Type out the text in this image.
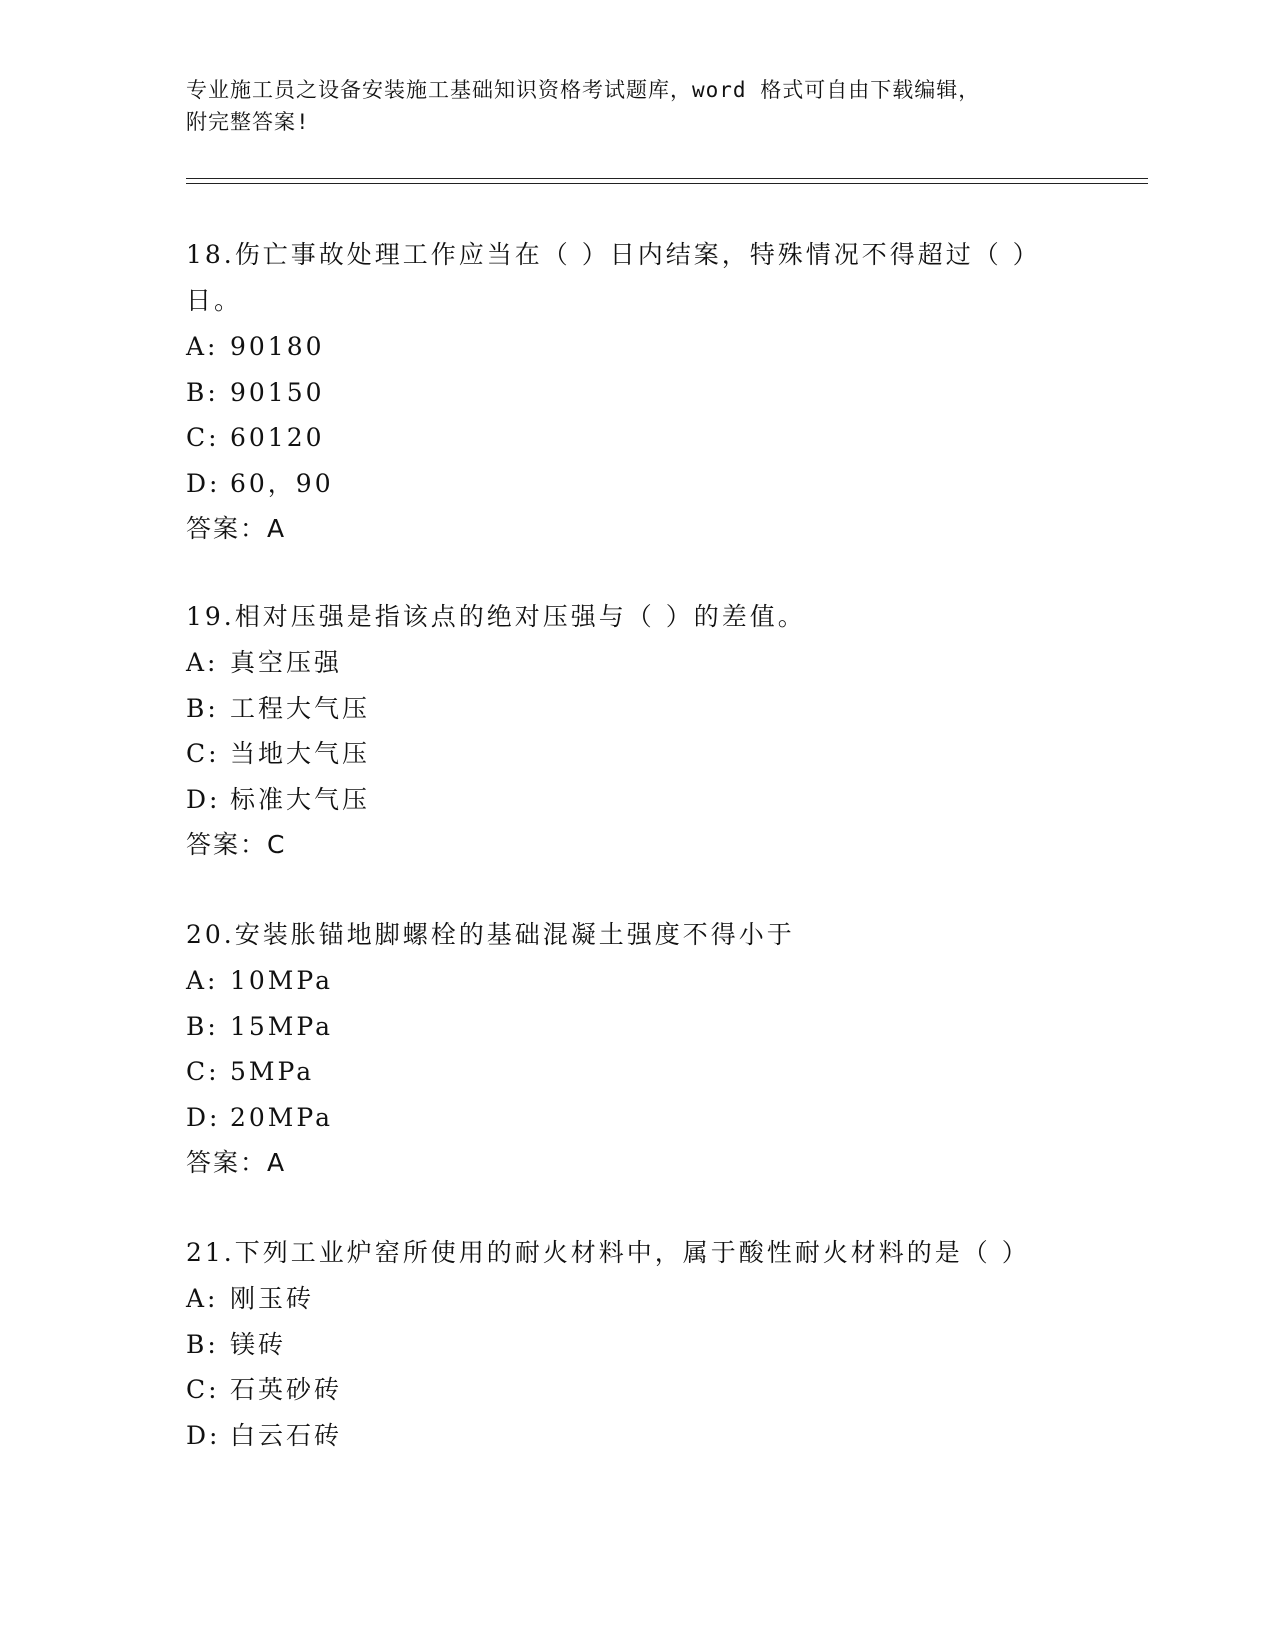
专业施工员之设备安装施工基础知识资格考试题库，word 格式可自由下载编辑，
附完整答案!

18.伤亡事故处理工作应当在（ ）日内结案，特殊情况不得超过（ ）日。

A: 90180

B: 90150

C: 60120

D: 60，90

答案：A

19.相对压强是指该点的绝对压强与（ ）的差值。

A: 真空压强

B: 工程大气压

C: 当地大气压

D: 标准大气压

答案：C

20.安装胀锚地脚螺栓的基础混凝土强度不得小于

A: 10MPa

B: 15MPa

C: 5MPa

D: 20MPa

答案：A

21.下列工业炉窑所使用的耐火材料中，属于酸性耐火材料的是（ ）

A: 刚玉砖

B: 镁砖

C: 石英砂砖

D: 白云石砖
